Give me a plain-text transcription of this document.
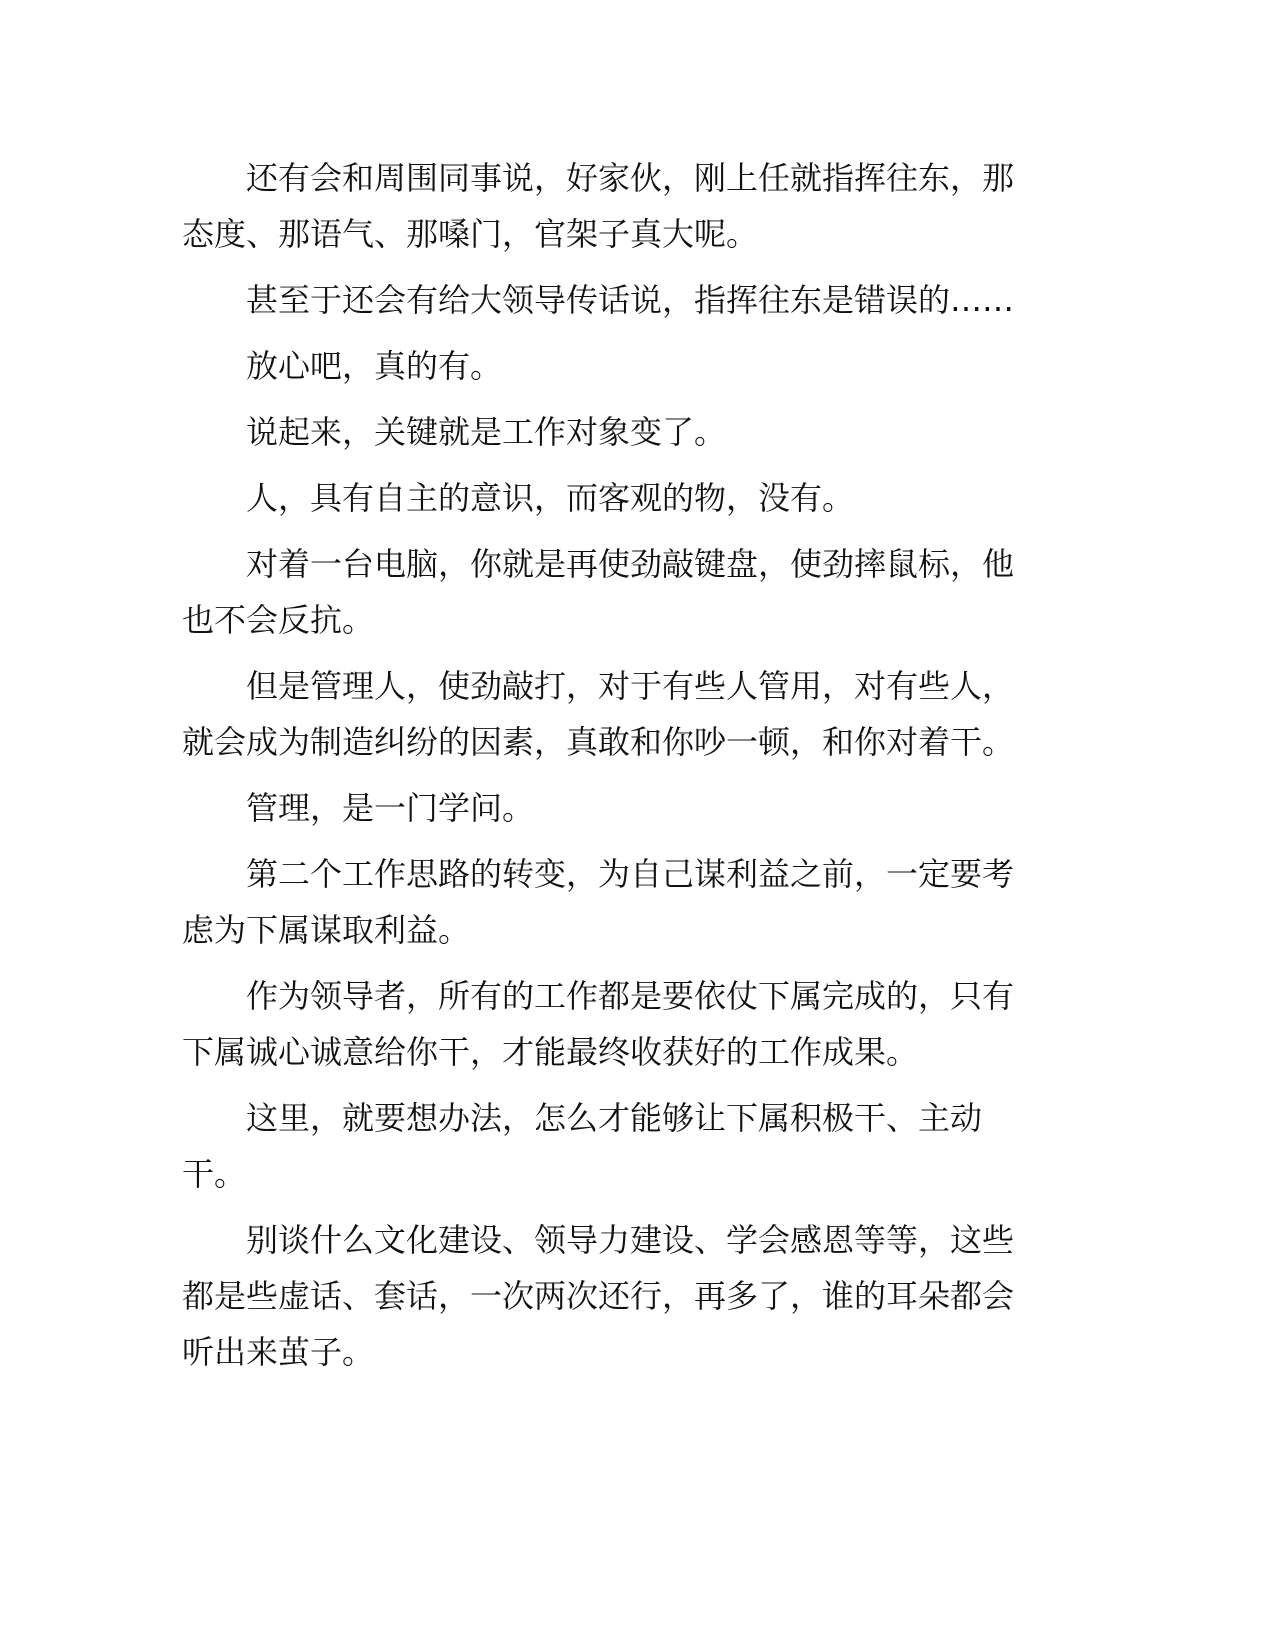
还有会和周围同事说，好家伙，刚上任就指挥往东，那态度、那语气、那嗓门，官架子真大呢。

甚至于还会有给大领导传话说，指挥往东是错误的……

放心吧，真的有。

说起来，关键就是工作对象变了。

人，具有自主的意识，而客观的物，没有。

对着一台电脑，你就是再使劲敲键盘，使劲摔鼠标，他也不会反抗。

但是管理人，使劲敲打，对于有些人管用，对有些人，就会成为制造纠纷的因素，真敢和你吵一顿，和你对着干。

管理，是一门学问。

第二个工作思路的转变，为自己谋利益之前，一定要考虑为下属谋取利益。

作为领导者，所有的工作都是要依仗下属完成的，只有下属诚心诚意给你干，才能最终收获好的工作成果。

这里，就要想办法，怎么才能够让下属积极干、主动干。

别谈什么文化建设、领导力建设、学会感恩等等，这些都是些虚话、套话，一次两次还行，再多了，谁的耳朵都会听出来茧子。
